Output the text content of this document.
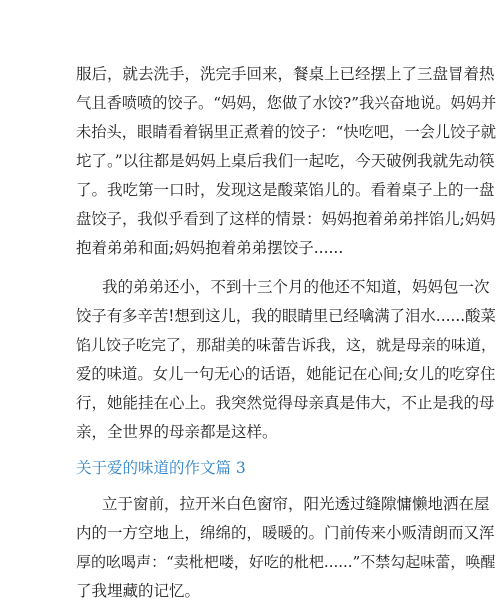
服后，就去洗手，洗完手回来，餐桌上已经摆上了三盘冒着热
气且香喷喷的饺子。“妈妈，您做了水饺?”我兴奋地说。妈妈并
未抬头，眼睛看着锅里正煮着的饺子：“快吃吧，一会儿饺子就
坨了。”以往都是妈妈上桌后我们一起吃，今天破例我就先动筷
了。我吃第一口时，发现这是酸菜馅儿的。看着桌子上的一盘
盘饺子，我似乎看到了这样的情景：妈妈抱着弟弟拌馅儿;妈妈
抱着弟弟和面;妈妈抱着弟弟摆饺子......
我的弟弟还小，不到十三个月的他还不知道，妈妈包一次
饺子有多辛苦!想到这儿，我的眼睛里已经噙满了泪水......酸菜
馅儿饺子吃完了，那甜美的味蕾告诉我，这，就是母亲的味道，
爱的味道。女儿一句无心的话语，她能记在心间;女儿的吃穿住
行，她能挂在心上。我突然觉得母亲真是伟大，不止是我的母
亲，全世界的母亲都是这样。
关于爱的味道的作文篇 3
立于窗前，拉开米白色窗帘，阳光透过缝隙慵懒地洒在屋
内的一方空地上，绵绵的，暖暖的。门前传来小贩清朗而又浑
厚的吆喝声：“卖枇杷喽，好吃的枇杷......”不禁勾起味蕾，唤醒
了我埋藏的记忆。
